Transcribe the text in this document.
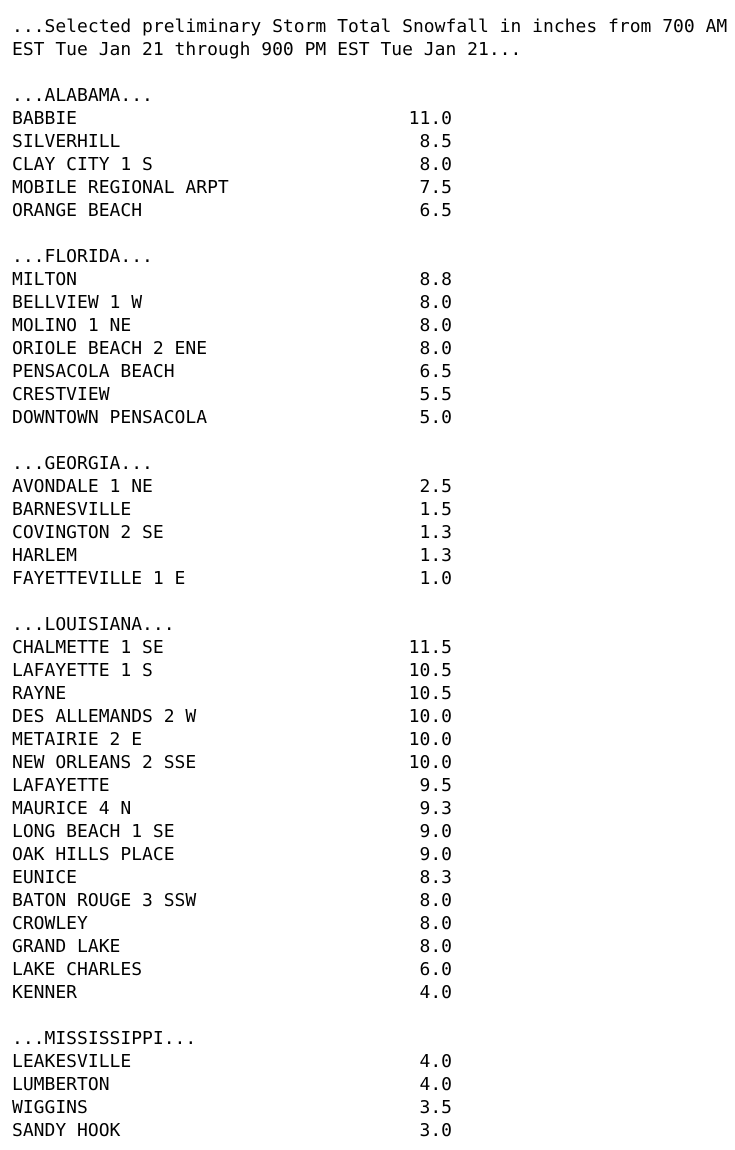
...Selected preliminary Storm Total Snowfall in inches from 700 AM
EST Tue Jan 21 through 900 PM EST Tue Jan 21...
...ALABAMA...
BABBIE	11.0
SILVERHILL	8.5
CLAY CITY 1 S	8.0
MOBILE REGIONAL ARPT	7.5
ORANGE BEACH	6.5
...FLORIDA...
MILTON	8.8
BELLVIEW 1 W	8.0
MOLINO 1 NE	8.0
ORIOLE BEACH 2 ENE	8.0
PENSACOLA BEACH	6.5
CRESTVIEW	5.5
DOWNTOWN PENSACOLA	5.0
...GEORGIA...
AVONDALE 1 NE	2.5
BARNESVILLE	1.5
COVINGTON 2 SE	1.3
HARLEM	1.3
FAYETTEVILLE 1 E	1.0
...LOUISIANA...
CHALMETTE 1 SE	11.5
LAFAYETTE 1 S	10.5
RAYNE	10.5
DES ALLEMANDS 2 W	10.0
METAIRIE 2 E	10.0
NEW ORLEANS 2 SSE	10.0
LAFAYETTE	9.5
MAURICE 4 N	9.3
LONG BEACH 1 SE	9.0
OAK HILLS PLACE	9.0
EUNICE	8.3
BATON ROUGE 3 SSW	8.0
CROWLEY	8.0
GRAND LAKE	8.0
LAKE CHARLES	6.0
KENNER	4.0
...MISSISSIPPI...
LEAKESVILLE	4.0
LUMBERTON	4.0
WIGGINS	3.5
SANDY HOOK	3.0
